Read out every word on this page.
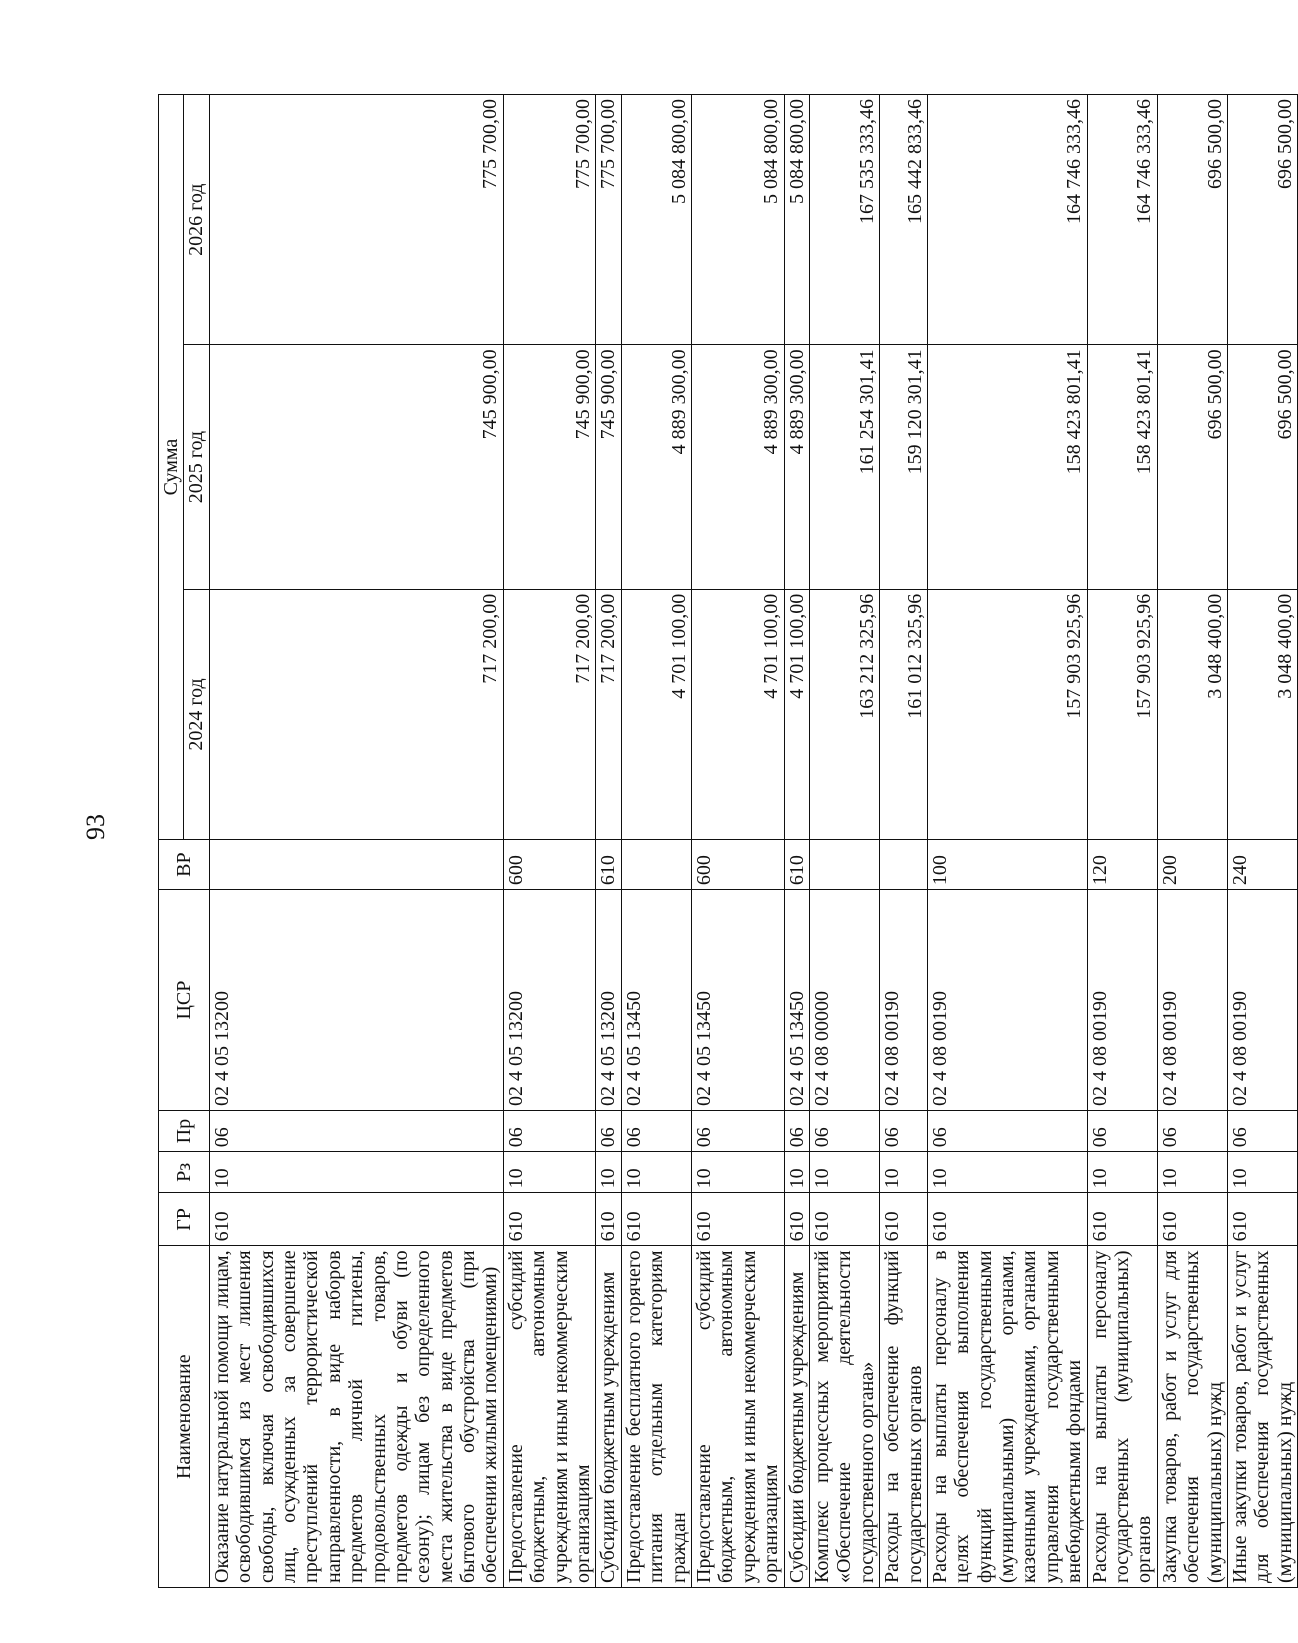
93
Наименование	ГР	Рз	Пр	ЦСР	ВР	Сумма		
						2024 год	2025 год	2026 год
Оказание натуральной помощи лицам, освободившимся из мест лишения свободы, включая освободившихся лиц, осужденных за совершение преступлений террористической направленности, в виде наборов предметов личной гигиены, продовольственных товаров, предметов одежды и обуви (по сезону); лицам без определенного места жительства в виде предметов бытового обустройства (при обеспечении жилыми помещениями)	610	10	06	02 4 05 13200		717 200,00	745 900,00	775 700,00
Предоставление субсидий бюджетным, автономным учреждениям и иным некоммерческим организациям	610	10	06	02 4 05 13200	600	717 200,00	745 900,00	775 700,00
Субсидии бюджетным учреждениям	610	10	06	02 4 05 13200	610	717 200,00	745 900,00	775 700,00
Предоставление бесплатного горячего питания отдельным категориям граждан	610	10	06	02 4 05 13450		4 701 100,00	4 889 300,00	5 084 800,00
Предоставление субсидий бюджетным, автономным учреждениям и иным некоммерческим организациям	610	10	06	02 4 05 13450	600	4 701 100,00	4 889 300,00	5 084 800,00
Субсидии бюджетным учреждениям	610	10	06	02 4 05 13450	610	4 701 100,00	4 889 300,00	5 084 800,00
Комплекс процессных мероприятий «Обеспечение деятельности государственного органа»	610	10	06	02 4 08 00000		163 212 325,96	161 254 301,41	167 535 333,46
Расходы на обеспечение функций государственных органов	610	10	06	02 4 08 00190		161 012 325,96	159 120 301,41	165 442 833,46
Расходы на выплаты персоналу в целях обеспечения выполнения функций государственными (муниципальными) органами, казенными учреждениями, органами управления государственными внебюджетными фондами	610	10	06	02 4 08 00190	100	157 903 925,96	158 423 801,41	164 746 333,46
Расходы на выплаты персоналу государственных (муниципальных) органов	610	10	06	02 4 08 00190	120	157 903 925,96	158 423 801,41	164 746 333,46
Закупка товаров, работ и услуг для обеспечения государственных (муниципальных) нужд	610	10	06	02 4 08 00190	200	3 048 400,00	696 500,00	696 500,00
Иные закупки товаров, работ и услуг для обеспечения государственных (муниципальных) нужд	610	10	06	02 4 08 00190	240	3 048 400,00	696 500,00	696 500,00
